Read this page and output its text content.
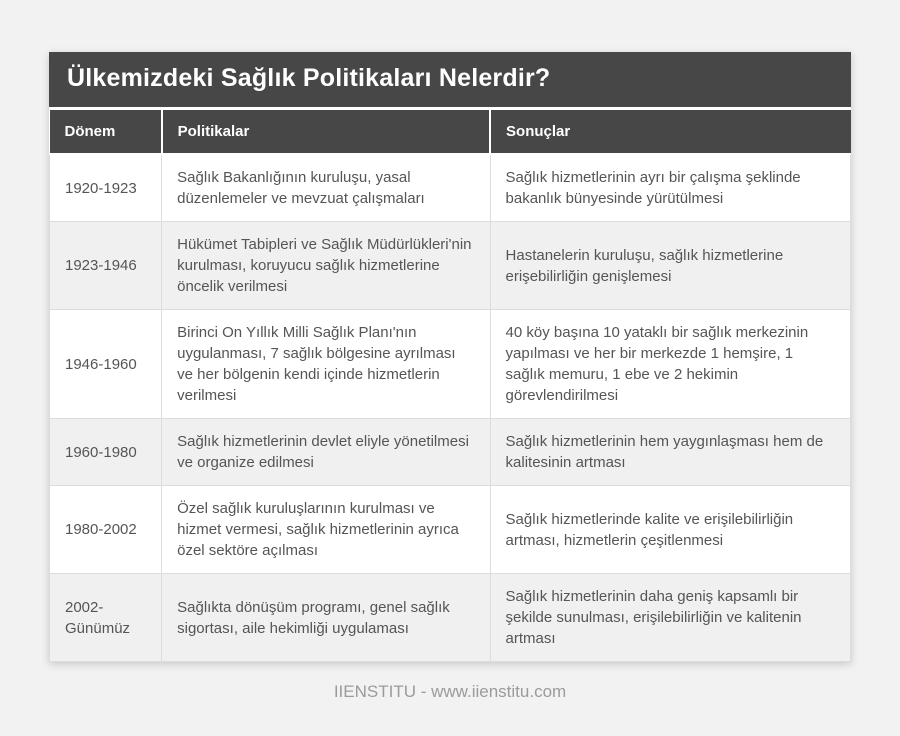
Ülkemizdeki Sağlık Politikaları Nelerdir?
Dönem	Politikalar	Sonuçlar
1920-1923	Sağlık Bakanlığının kuruluşu, yasal düzenlemeler ve mevzuat çalışmaları	Sağlık hizmetlerinin ayrı bir çalışma şeklinde bakanlık bünyesinde yürütülmesi
1923-1946	Hükümet Tabipleri ve Sağlık Müdürlükleri'nin kurulması, koruyucu sağlık hizmetlerine öncelik verilmesi	Hastanelerin kuruluşu, sağlık hizmetlerine erişebilirliğin genişlemesi
1946-1960	Birinci On Yıllık Milli Sağlık Planı'nın uygulanması, 7 sağlık bölgesine ayrılması ve her bölgenin kendi içinde hizmetlerin verilmesi	40 köy başına 10 yataklı bir sağlık merkezinin yapılması ve her bir merkezde 1 hemşire, 1 sağlık memuru, 1 ebe ve 2 hekimin görevlendirilmesi
1960-1980	Sağlık hizmetlerinin devlet eliyle yönetilmesi ve organize edilmesi	Sağlık hizmetlerinin hem yaygınlaşması hem de kalitesinin artması
1980-2002	Özel sağlık kuruluşlarının kurulması ve hizmet vermesi, sağlık hizmetlerinin ayrıca özel sektöre açılması	Sağlık hizmetlerinde kalite ve erişilebilirliğin artması, hizmetlerin çeşitlenmesi
2002-Günümüz	Sağlıkta dönüşüm programı, genel sağlık sigortası, aile hekimliği uygulaması	Sağlık hizmetlerinin daha geniş kapsamlı bir şekilde sunulması, erişilebilirliğin ve kalitenin artması
IIENSTITU - www.iienstitu.com
